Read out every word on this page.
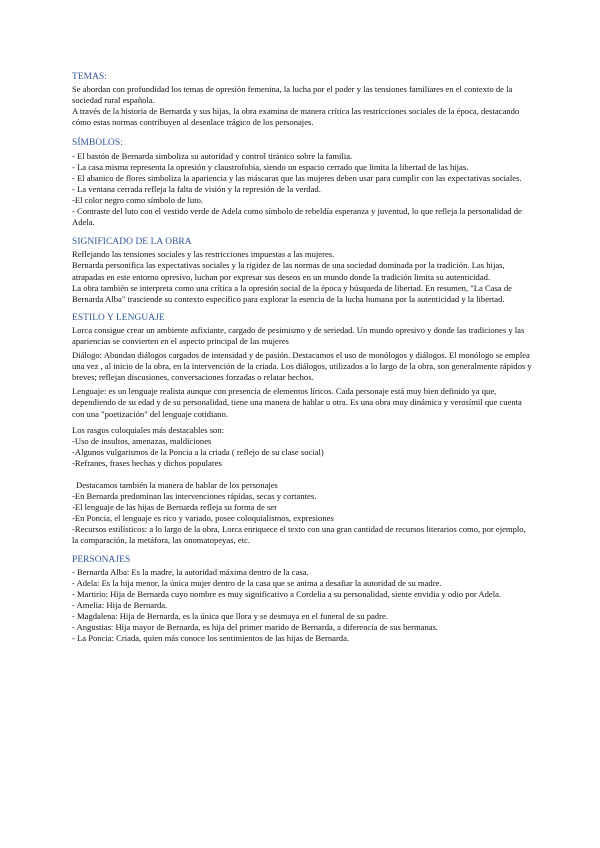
TEMAS:

Se abordan con profundidad los temas de opresión femenina, la lucha por el poder y las tensiones familiares en el contexto de la sociedad rural española.

A través de la historia de Bernarda y sus hijas, la obra examina de manera crítica las restricciones sociales de la época, destacando cómo estas normas contribuyen al desenlace trágico de los personajes.

SÍMBOLOS:

- El bastón de Bernarda simboliza su autoridad y control tiránico sobre la familia.

- La casa misma representa la opresión y claustrofobia, siendo un espacio cerrado que limita la libertad de las hijas.

- El abanico de flores simboliza la apariencia y las máscaras que las mujeres deben usar para cumplir con las expectativas sociales.

- La ventana cerrada refleja la falta de visión y la represión de la verdad.

-El color negro como símbolo de luto.

- Contraste del luto con el vestido verde de Adela como símbolo de rebeldía esperanza y juventud, lo que refleja la personalidad de Adela.

SIGNIFICADO DE LA OBRA

Reflejando las tensiones sociales y las restricciones impuestas a las mujeres.

Bernarda personifica las expectativas sociales y la rigidez de las normas de una sociedad dominada por la tradición. Las hijas, atrapadas en este entorno opresivo, luchan por expresar sus deseos en un mundo donde la tradición limita su autenticidad.

La obra también se interpreta como una crítica a la opresión social de la época y búsqueda de libertad. En resumen, "La Casa de Bernarda Alba" trasciende su contexto específico para explorar la esencia de la lucha humana por la autenticidad y la libertad.

ESTILO Y LENGUAJE

Lorca consigue crear un ambiente asfixiante, cargado de pesimismo y de seriedad. Un mundo opresivo y donde las tradiciones y las apariencias se convierten en el aspecto principal de las mujeres

Diálogo: Abundan diálogos cargados de intensidad y de pasión. Destacamos el uso de monólogos y diálogos. El monólogo se emplea una vez , al inicio de la obra, en la intervención de la criada. Los diálogos, utilizados a lo largo de la obra, son generalmente rápidos y breves; reflejan discusiones, conversaciones forzadas o relatar hechos.

Lenguaje: es un lenguaje realista aunque con presencia de elementos líricos. Cada personaje está muy bien definido ya que, dependiendo de su edad y de su personalidad, tiene una manera de hablar u otra. Es una obra muy dinámica y verosímil que cuenta con una "poetización" del lenguaje cotidiano.

Los rasgos coloquiales más destacables son:

-Uso de insultos, amenazas, maldiciones

-Algunos vulgarismos de la Poncia a la criada ( reflejo de su clase social)

-Refranes, frases hechas y dichos populares

Destacamos también la manera de hablar de los personajes

-En Bernarda predominan las intervenciones rápidas, secas y cortantes.

-El lenguaje de las hijas de Bernarda refleja su forma de ser

-En Poncia, el lenguaje es rico y variado, posee coloquialismos, expresiones

-Recursos estilísticos: a lo largo de la obra, Lorca enriquece el texto con una gran cantidad de recursos literarios como, por ejemplo, la comparación, la metáfora, las onomatopeyas, etc.

PERSONAJES

- Bernarda Alba: Es la madre, la autoridad máxima dentro de la casa.

- Adela: Es la hija menor, la única mujer dentro de la casa que se anima a desafiar la autoridad de su madre.

- Martirio: Hija de Bernarda cuyo nombre es muy significativo a Cordelia a su personalidad, siente envidia y odio por Adela.

- Amelia: Hija de Bernarda.

- Magdalena: Hija de Bernarda, es la única que llora y se desmaya en el funeral de su padre.

- Angustias: Hija mayor de Bernarda, es hija del primer marido de Bernarda, a diferencia de sus hermanas.

- La Poncia: Criada, quien más conoce los sentimientos de las hijas de Bernarda.
